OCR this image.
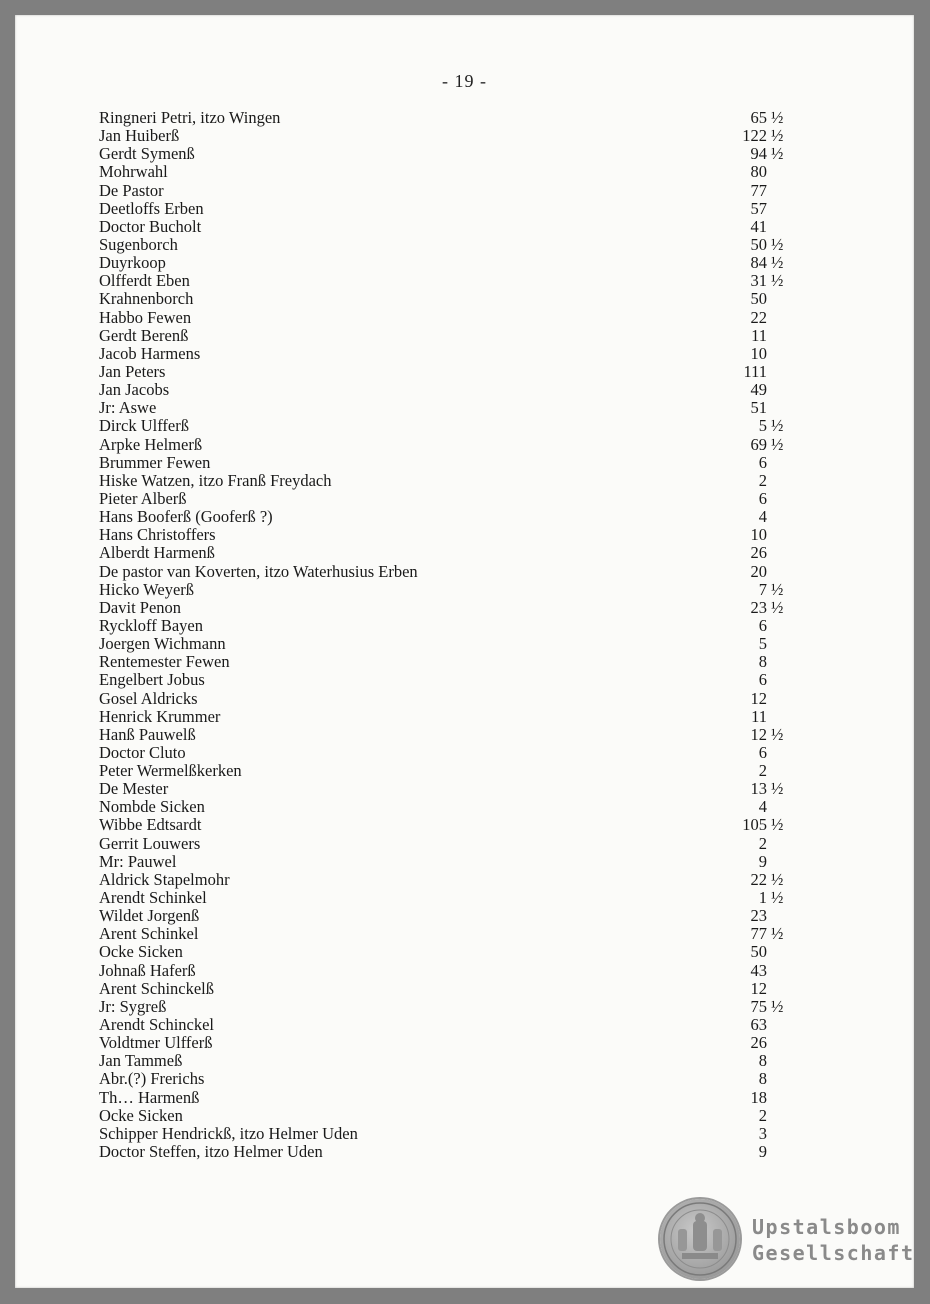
- 19 -
Ringneri Petri, itzo Wingen	65 ½
Jan Huiberß	122 ½
Gerdt Symenß	94 ½
Mohrwahl	80
De Pastor	77
Deetloffs Erben	57
Doctor Bucholt	41
Sugenborch	50 ½
Duyrkoop	84 ½
Olfferdt Eben	31 ½
Krahnenborch	50
Habbo Fewen	22
Gerdt Berenß	11
Jacob Harmens	10
Jan Peters	111
Jan Jacobs	49
Jr: Aswe	51
Dirck Ulfferß	5 ½
Arpke Helmerß	69 ½
Brummer Fewen	6
Hiske Watzen, itzo Franß Freydach	2
Pieter Alberß	6
Hans Booferß (Gooferß ?)	4
Hans Christoffers	10
Alberdt Harmenß	26
De pastor van Koverten, itzo Waterhusius Erben	20
Hicko Weyerß	7 ½
Davit Penon	23 ½
Ryckloff Bayen	6
Joergen Wichmann	5
Rentemester Fewen	8
Engelbert Jobus	6
Gosel Aldricks	12
Henrick Krummer	11
Hanß Pauwelß	12 ½
Doctor Cluto	6
Peter Wermelßkerken	2
De Mester	13 ½
Nombde Sicken	4
Wibbe Edtsardt	105 ½
Gerrit Louwers	2
Mr: Pauwel	9
Aldrick Stapelmohr	22 ½
Arendt Schinkel	1 ½
Wildet Jorgenß	23
Arent Schinkel	77 ½
Ocke Sicken	50
Johnaß Haferß	43
Arent Schinckelß	12
Jr: Sygreß	75 ½
Arendt Schinckel	63
Voldtmer Ulfferß	26
Jan Tammeß	8
Abr.(?) Frerichs	8
Th… Harmenß	18
Ocke Sicken	2
Schipper Hendrickß, itzo Helmer Uden	3
Doctor Steffen, itzo Helmer Uden	9
Upstalsboom
Gesellschaft
